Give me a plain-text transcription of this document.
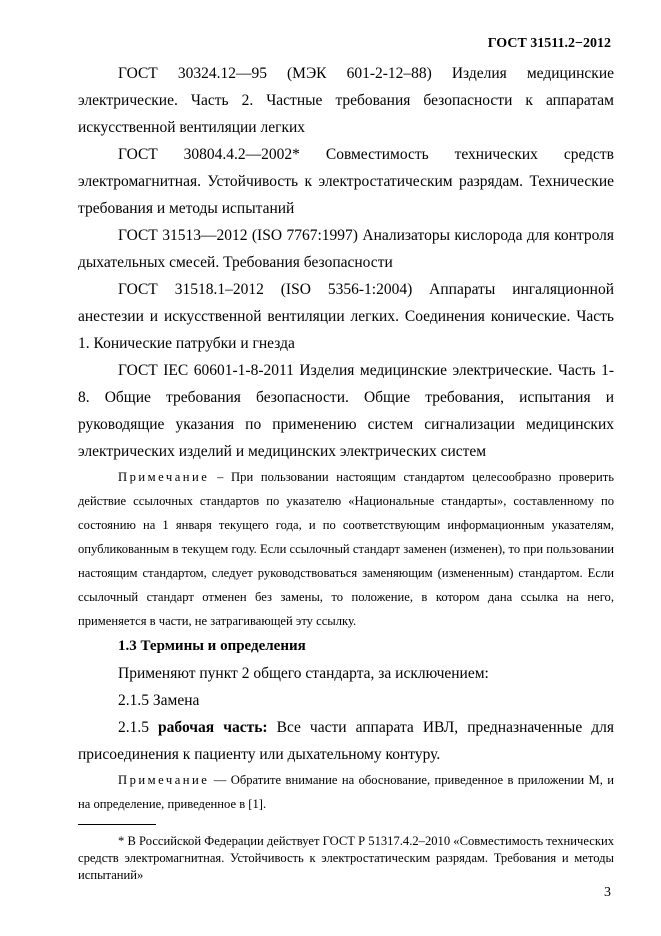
ГОСТ 31511.2−2012

ГОСТ 30324.12—95 (МЭК 601-2-12–88) Изделия медицинские электрические. Часть 2. Частные требования безопасности к аппаратам искусственной вентиляции легких

ГОСТ 30804.4.2—2002* Совместимость технических средств электромагнитная. Устойчивость к электростатическим разрядам. Технические требования и методы испытаний

ГОСТ 31513—2012 (ISO 7767:1997) Анализаторы кислорода для контроля дыхательных смесей. Требования безопасности

ГОСТ 31518.1–2012 (ISO 5356-1:2004) Аппараты ингаляционной анестезии и искусственной вентиляции легких. Соединения конические. Часть 1. Конические патрубки и гнезда

ГОСТ IEC 60601-1-8-2011 Изделия медицинские электрические. Часть 1-8. Общие требования безопасности. Общие требования, испытания и руководящие указания по применению систем сигнализации медицинских электрических изделий и медицинских электрических систем

Примечание – При пользовании настоящим стандартом целесообразно проверить действие ссылочных стандартов по указателю «Национальные стандарты», составленному по состоянию на 1 января текущего года, и по соответствующим информационным указателям, опубликованным в текущем году. Если ссылочный стандарт заменен (изменен), то при пользовании настоящим стандартом, следует руководствоваться заменяющим (измененным) стандартом. Если ссылочный стандарт отменен без замены, то положение, в котором дана ссылка на него, применяется в части, не затрагивающей эту ссылку.

1.3 Термины и определения

Применяют пункт 2 общего стандарта, за исключением:

2.1.5 Замена

2.1.5 рабочая часть: Все части аппарата ИВЛ, предназначенные для присоединения к пациенту или дыхательному контуру.

Примечание — Обратите внимание на обоснование, приведенное в приложении М, и на определение, приведенное в [1].

* В Российской Федерации действует ГОСТ Р 51317.4.2–2010 «Совместимость технических средств электромагнитная. Устойчивость к электростатическим разрядам. Требования и методы испытаний»

3
